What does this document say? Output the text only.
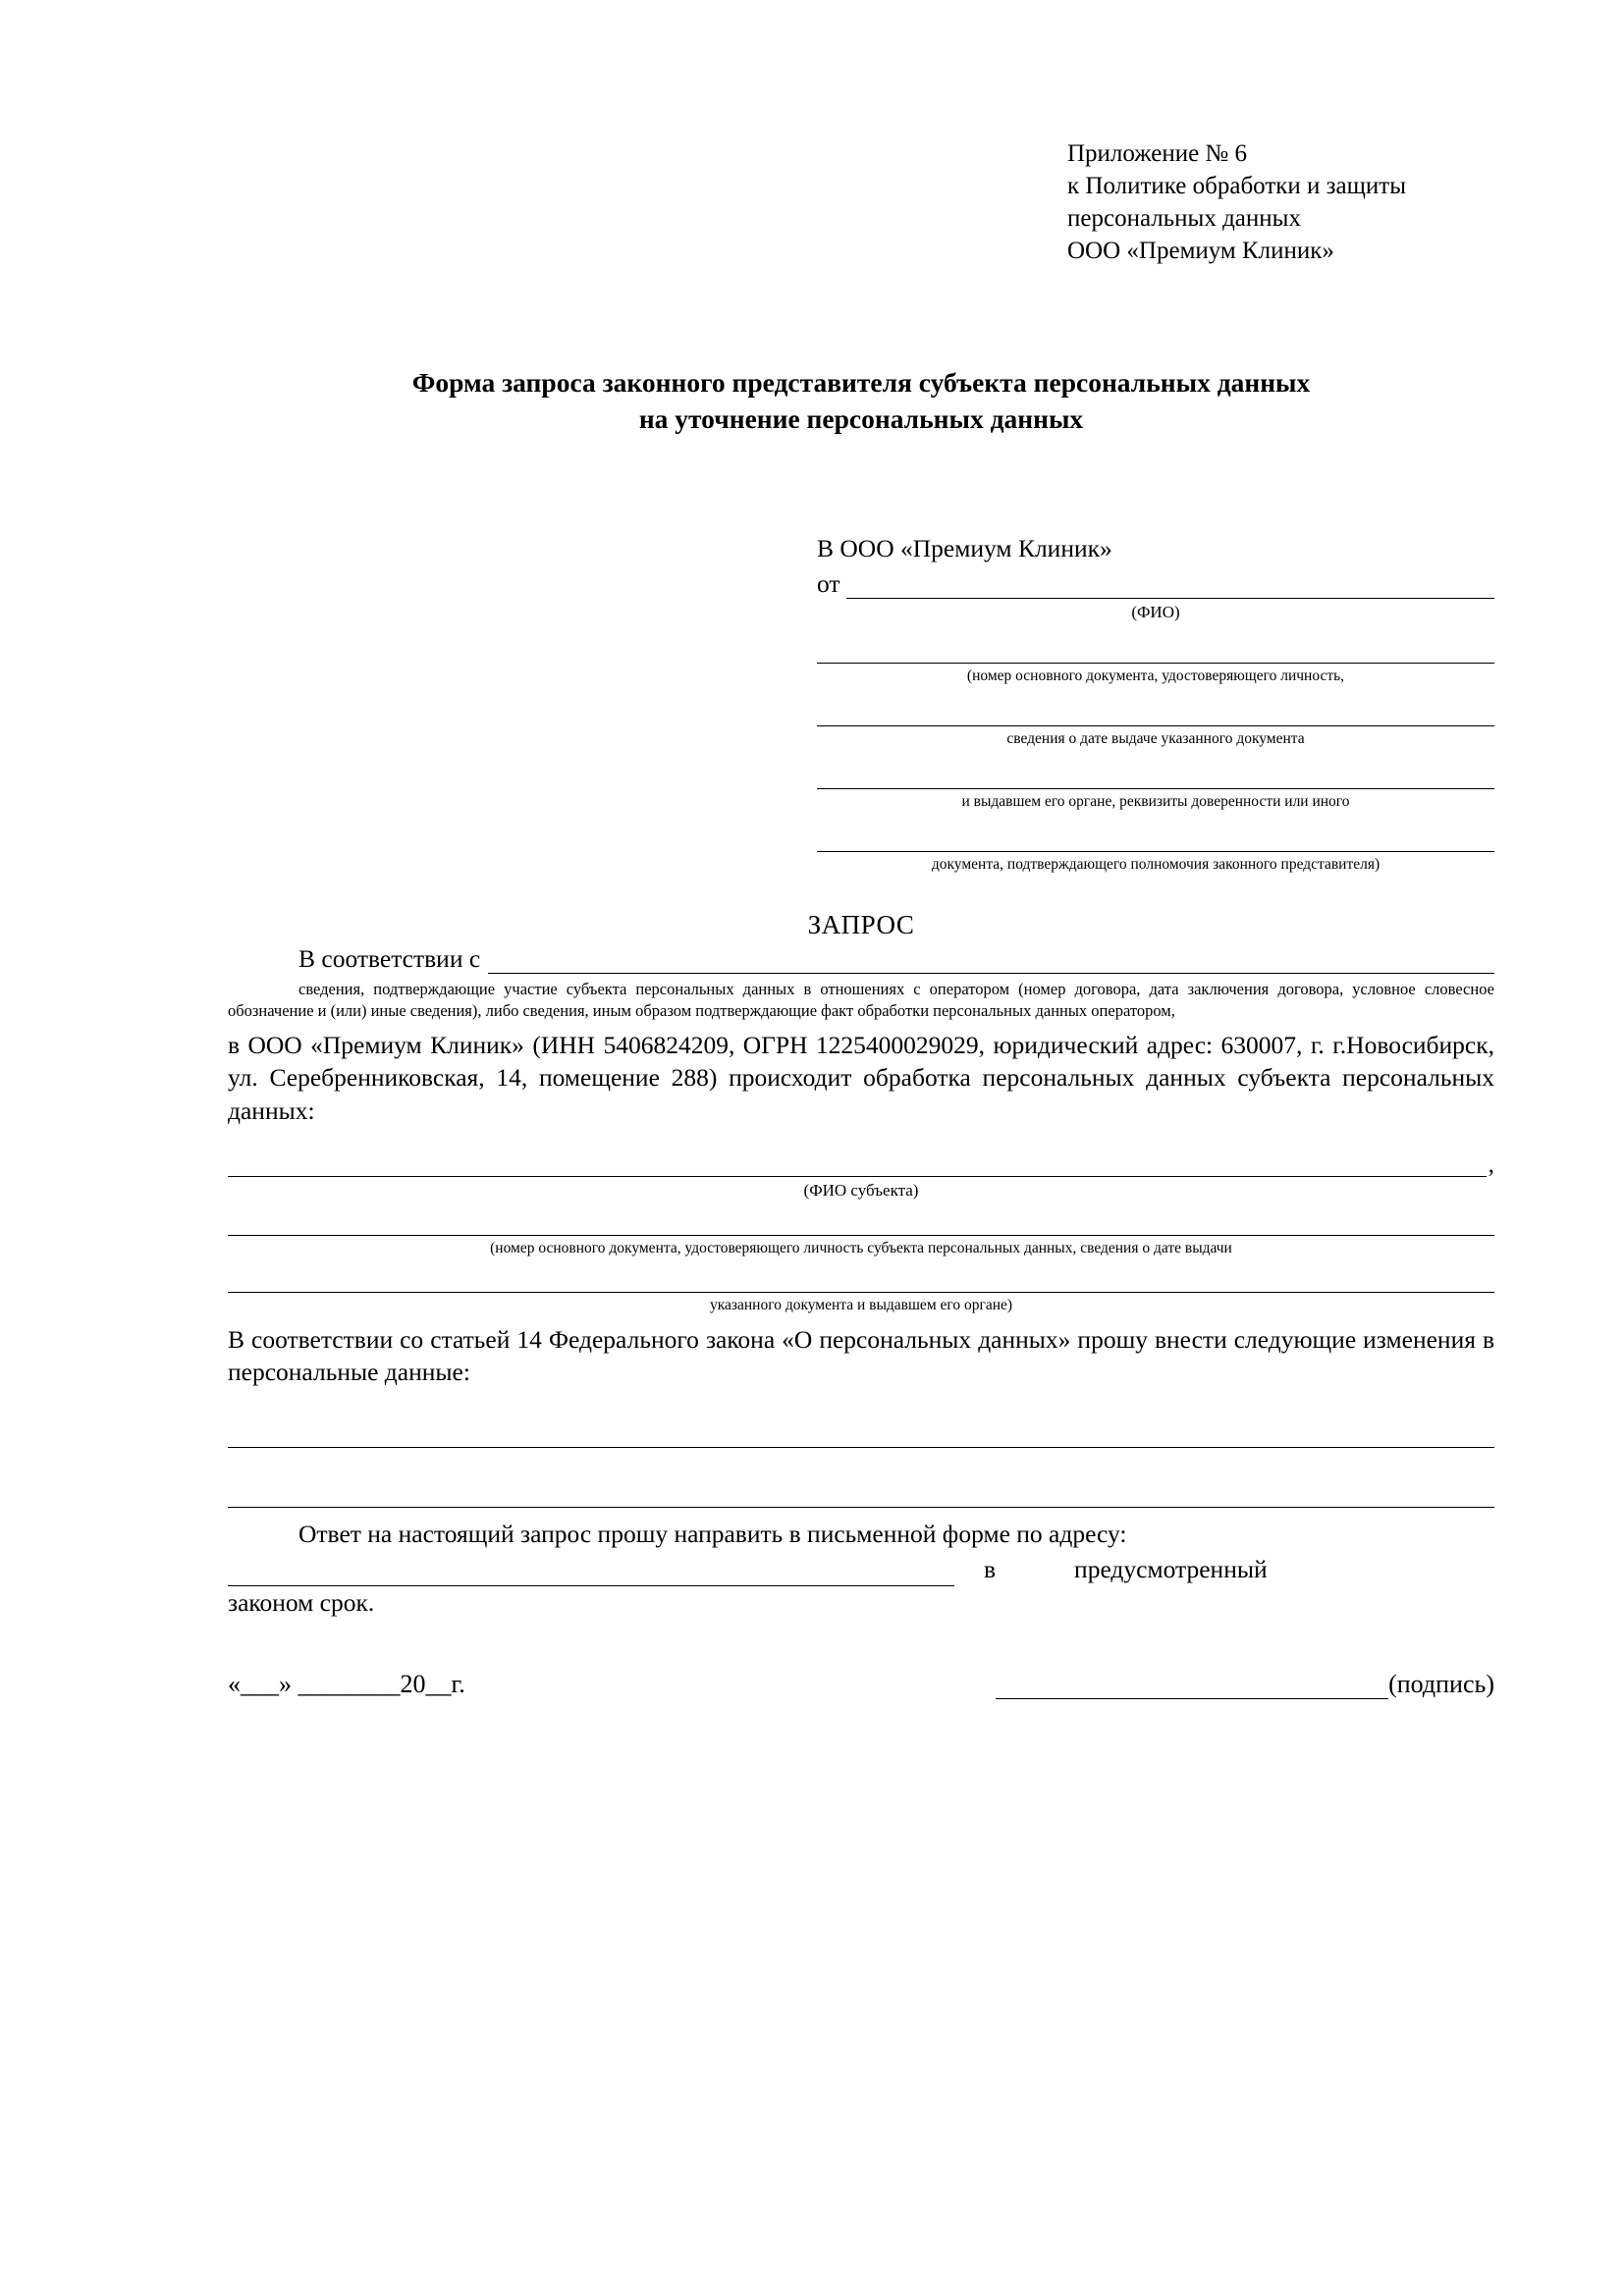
Приложение № 6
к Политике обработки и защиты
персональных данных
ООО «Премиум Клиник»
Форма запроса законного представителя субъекта персональных данных
на уточнение персональных данных
В ООО «Премиум Клиник»
от
(ФИО)
(номер основного документа, удостоверяющего личность,
сведения о дате выдаче указанного документа
и выдавшем его органе, реквизиты доверенности или иного
документа, подтверждающего полномочия законного представителя)
ЗАПРОС
В соответствии с
сведения, подтверждающие участие субъекта персональных данных в отношениях с оператором (номер договора, дата заключения договора, условное словесное обозначение и (или) иные сведения), либо сведения, иным образом подтверждающие факт обработки персональных данных оператором,
в ООО «Премиум Клиник» (ИНН 5406824209, ОГРН 1225400029029, юридический адрес: 630007, г. г.Новосибирск, ул. Серебренниковская, 14, помещение 288) происходит обработка персональных данных субъекта персональных данных:
,
(ФИО субъекта)
(номер основного документа, удостоверяющего личность субъекта персональных данных, сведения о дате выдачи
указанного документа и выдавшем его органе)
В соответствии со статьей 14 Федерального закона «О персональных данных» прошу внести следующие изменения в персональные данные:
Ответ на настоящий запрос прошу направить в письменной форме по адресу:
в	предусмотренный
законом срок.
«___» ________20__г.	(подпись)
